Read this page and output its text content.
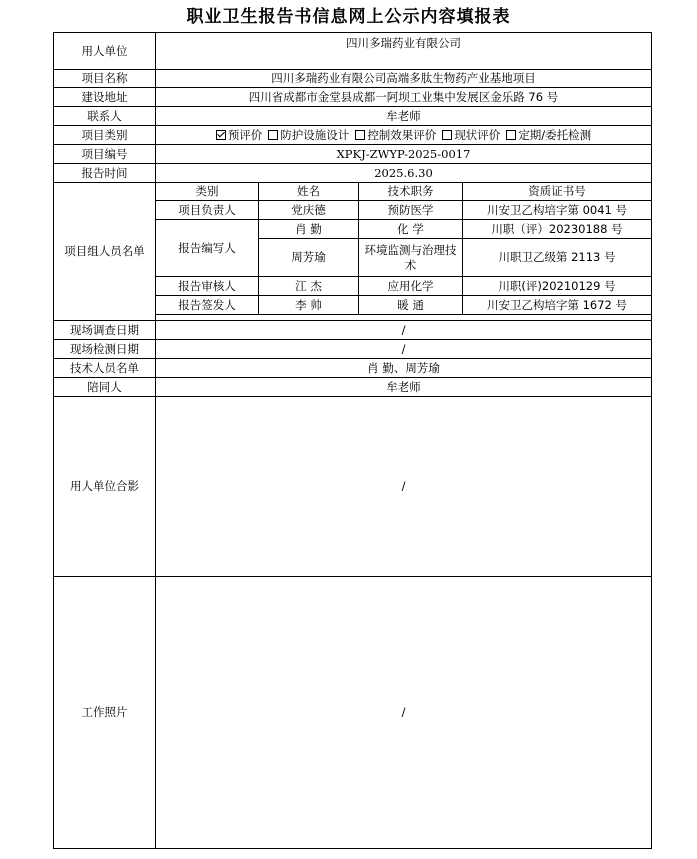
职业卫生报告书信息网上公示内容填报表
用人单位	四川多瑞药业有限公司			
项目名称	四川多瑞药业有限公司高端多肽生物药产业基地项目			
建设地址	四川省成都市金堂县成都一阿坝工业集中发展区金乐路 76 号			
联系人	牟老师			
项目类别	预评价 防护设施设计 控制效果评价 现状评价 定期/委托检测			
项目编号	XPKJ-ZWYP-2025-0017			
报告时间	2025.6.30			
项目组人员名单	类别	姓名	技术职务	资质证书号
	项目负责人	党庆德	预防医学	川安卫乙构培字第 0041 号
	报告编写人	肖 勤	化 学	川职（评）20230188 号
		周芳瑜	环境监测与治理技术	川职卫乙级第 2113 号
	报告审核人	江 杰	应用化学	川职(评)20210129 号
	报告签发人	李 帅	暖 通	川安卫乙构培字第 1672 号

现场调查日期	/			
现场检测日期	/			
技术人员名单	肖 勤、周芳瑜			
陪同人	牟老师			
用人单位合影	/			
工作照片	/			
